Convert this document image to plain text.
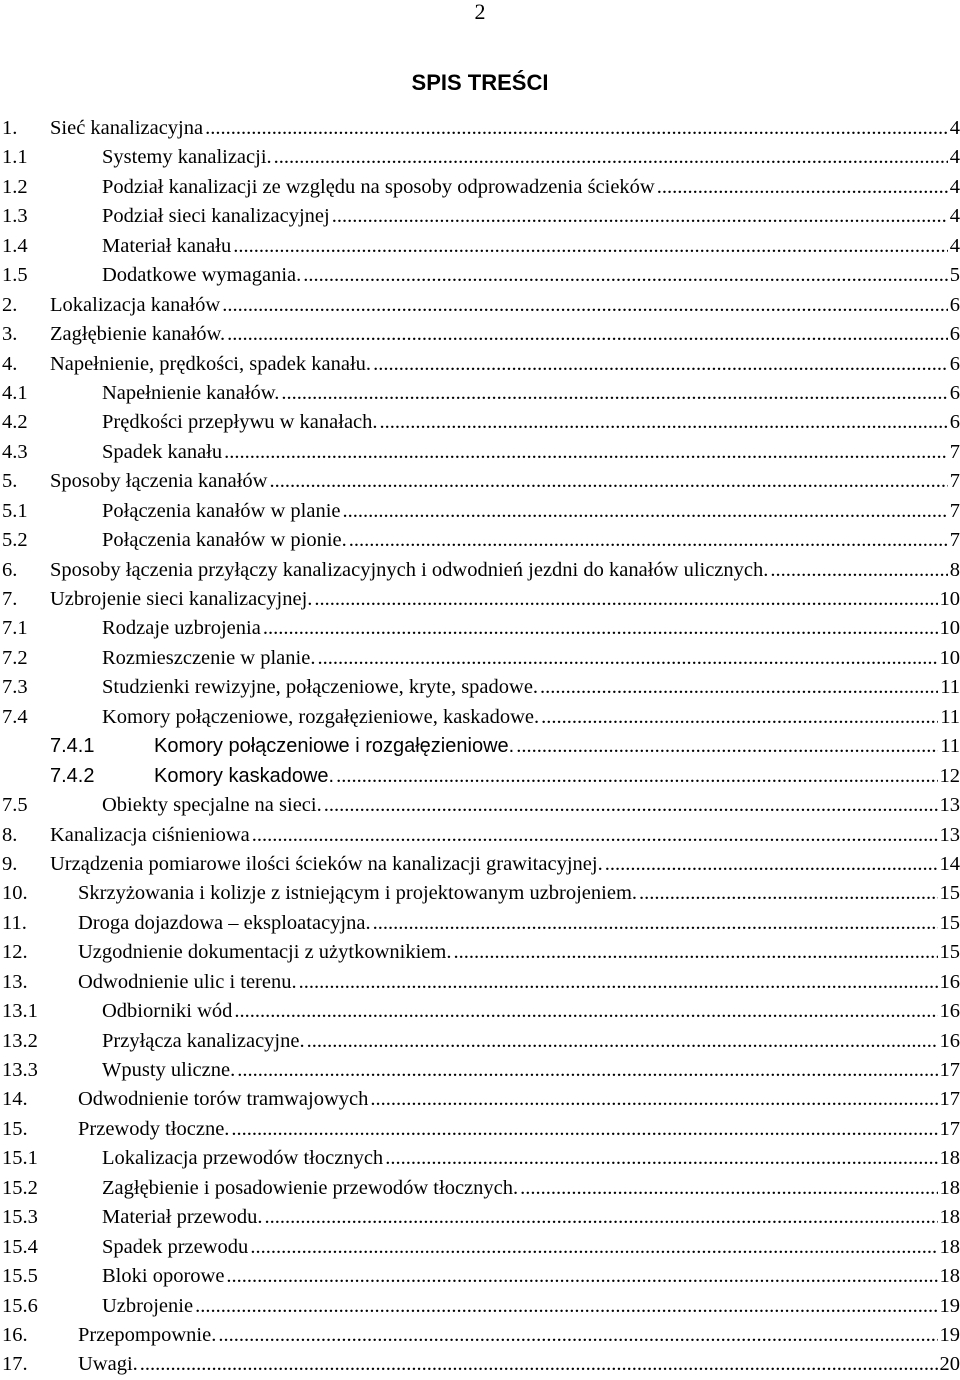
2
SPIS TREŚCI
1. Sieć kanalizacyjna .....	4
1.1	Systemy kanalizacji. .....	4
1.2	Podział kanalizacji ze względu na sposoby odprowadzenia ścieków .....	4
1.3	Podział sieci kanalizacyjnej .....	4
1.4	Materiał kanału .....	4
1.5	Dodatkowe wymagania. .....	5
2. Lokalizacja kanałów .....	6
3. Zagłębienie kanałów. .....	6
4. Napełnienie, prędkości, spadek kanału. .....	6
4.1	Napełnienie kanałów. .....	6
4.2	Prędkości przepływu w kanałach. .....	6
4.3	Spadek kanału .....	7
5. Sposoby łączenia kanałów .....	7
5.1	Połączenia kanałów w planie .....	7
5.2	Połączenia kanałów w pionie. .....	7
6. Sposoby łączenia przyłączy kanalizacyjnych i odwodnień jezdni do kanałów ulicznych. .....	8
7. Uzbrojenie sieci kanalizacyjnej. .....	10
7.1	Rodzaje uzbrojenia .....	10
7.2	Rozmieszczenie w planie. .....	10
7.3	Studzienki rewizyjne, połączeniowe, kryte, spadowe. .....	11
7.4	Komory połączeniowe, rozgałęzieniowe, kaskadowe. .....	11
7.4.1	Komory połączeniowe i rozgałęzieniowe. .....	11
7.4.2	Komory kaskadowe. .....	12
7.5	Obiekty specjalne na sieci. .....	13
8. Kanalizacja ciśnieniowa .....	13
9. Urządzenia pomiarowe ilości ścieków na kanalizacji grawitacyjnej. .....	14
10. Skrzyżowania i kolizje z istniejącym i projektowanym uzbrojeniem. .....	15
11. Droga dojazdowa – eksploatacyjna. .....	15
12. Uzgodnienie dokumentacji z użytkownikiem. .....	15
13. Odwodnienie ulic i terenu. .....	16
13.1	Odbiorniki wód .....	16
13.2	Przyłącza kanalizacyjne. .....	16
13.3	Wpusty uliczne. .....	17
14. Odwodnienie torów tramwajowych .....	17
15. Przewody tłoczne. .....	17
15.1	Lokalizacja przewodów tłocznych .....	18
15.2	Zagłębienie i posadowienie przewodów tłocznych. .....	18
15.3	Materiał przewodu. .....	18
15.4	Spadek przewodu .....	18
15.5	Bloki oporowe .....	18
15.6	Uzbrojenie .....	19
16. Przepompownie. .....	19
17. Uwagi. .....	20
